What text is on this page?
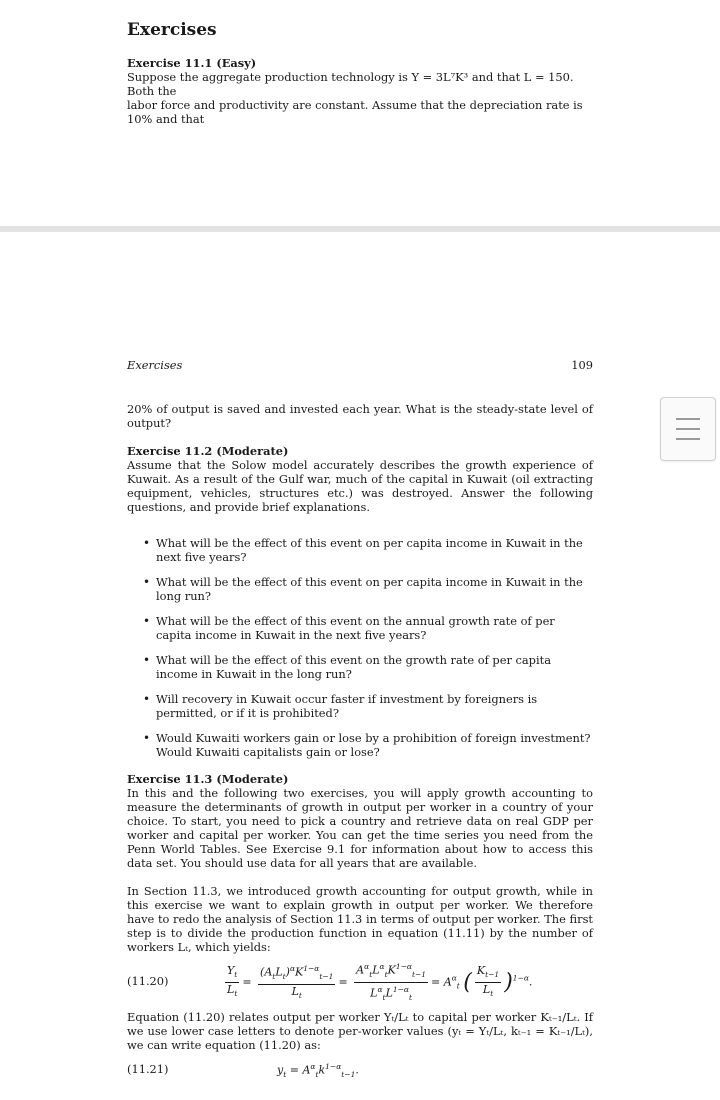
Exercises
Exercise 11.1 (Easy)

Suppose the aggregate production technology is Y = 3L⁷K³ and that L = 150. Both the

labor force and productivity are constant. Assume that the depreciation rate is 10% and that

Exercises	109

20% of output is saved and invested each year. What is the steady-state level of output?

Exercise 11.2 (Moderate)

Assume that the Solow model accurately describes the growth experience of Kuwait. As a result of the Gulf war, much of the capital in Kuwait (oil extracting equipment, vehicles, structures etc.) was destroyed. Answer the following questions, and provide brief explanations.

• What will be the effect of this event on per capita income in Kuwait in the next five years?
• What will be the effect of this event on per capita income in Kuwait in the long run?
• What will be the effect of this event on the annual growth rate of per capita income in Kuwait in the next five years?
• What will be the effect of this event on the growth rate of per capita income in Kuwait in the long run?
• Will recovery in Kuwait occur faster if investment by foreigners is permitted, or if it is prohibited?
• Would Kuwaiti workers gain or lose by a prohibition of foreign investment? Would Kuwaiti capitalists gain or lose?
Exercise 11.3 (Moderate)

In this and the following two exercises, you will apply growth accounting to measure the determinants of growth in output per worker in a country of your choice. To start, you need to pick a country and retrieve data on real GDP per worker and capital per worker. You can get the time series you need from the Penn World Tables. See Exercise 9.1 for information about how to access this data set. You should use data for all years that are available.

In Section 11.3, we introduced growth accounting for output growth, while in this exercise we want to explain growth in output per worker. We therefore have to redo the analysis of Section 11.3 in terms of output per worker. The first step is to divide the production function in equation (11.11) by the number of workers Lₜ, which yields:

(11.20)	$\frac{Y_t}{L_t} = \frac{(A_tL_t)^\alpha K^{1-\alpha}_{t-1}}{L_t} = \frac{A^\alpha_tL^\alpha_tK^{1-\alpha}_{t-1}}{L^\alpha_tL^{1-\alpha}_t} = A^\alpha_t$ ( $\frac{K_{t-1}}{L_t} )^{1-\alpha}$.

Equation (11.20) relates output per worker Yₜ/Lₜ to capital per worker Kₜ₋₁/Lₜ. If we use lower case letters to denote per-worker values (yₜ = Yₜ/Lₜ, kₜ₋₁ = Kₜ₋₁/Lₜ), we can write equation (11.20) as:

(11.21)	$y_t = A^\alpha_tk^{1-\alpha}_{t-1}$.
